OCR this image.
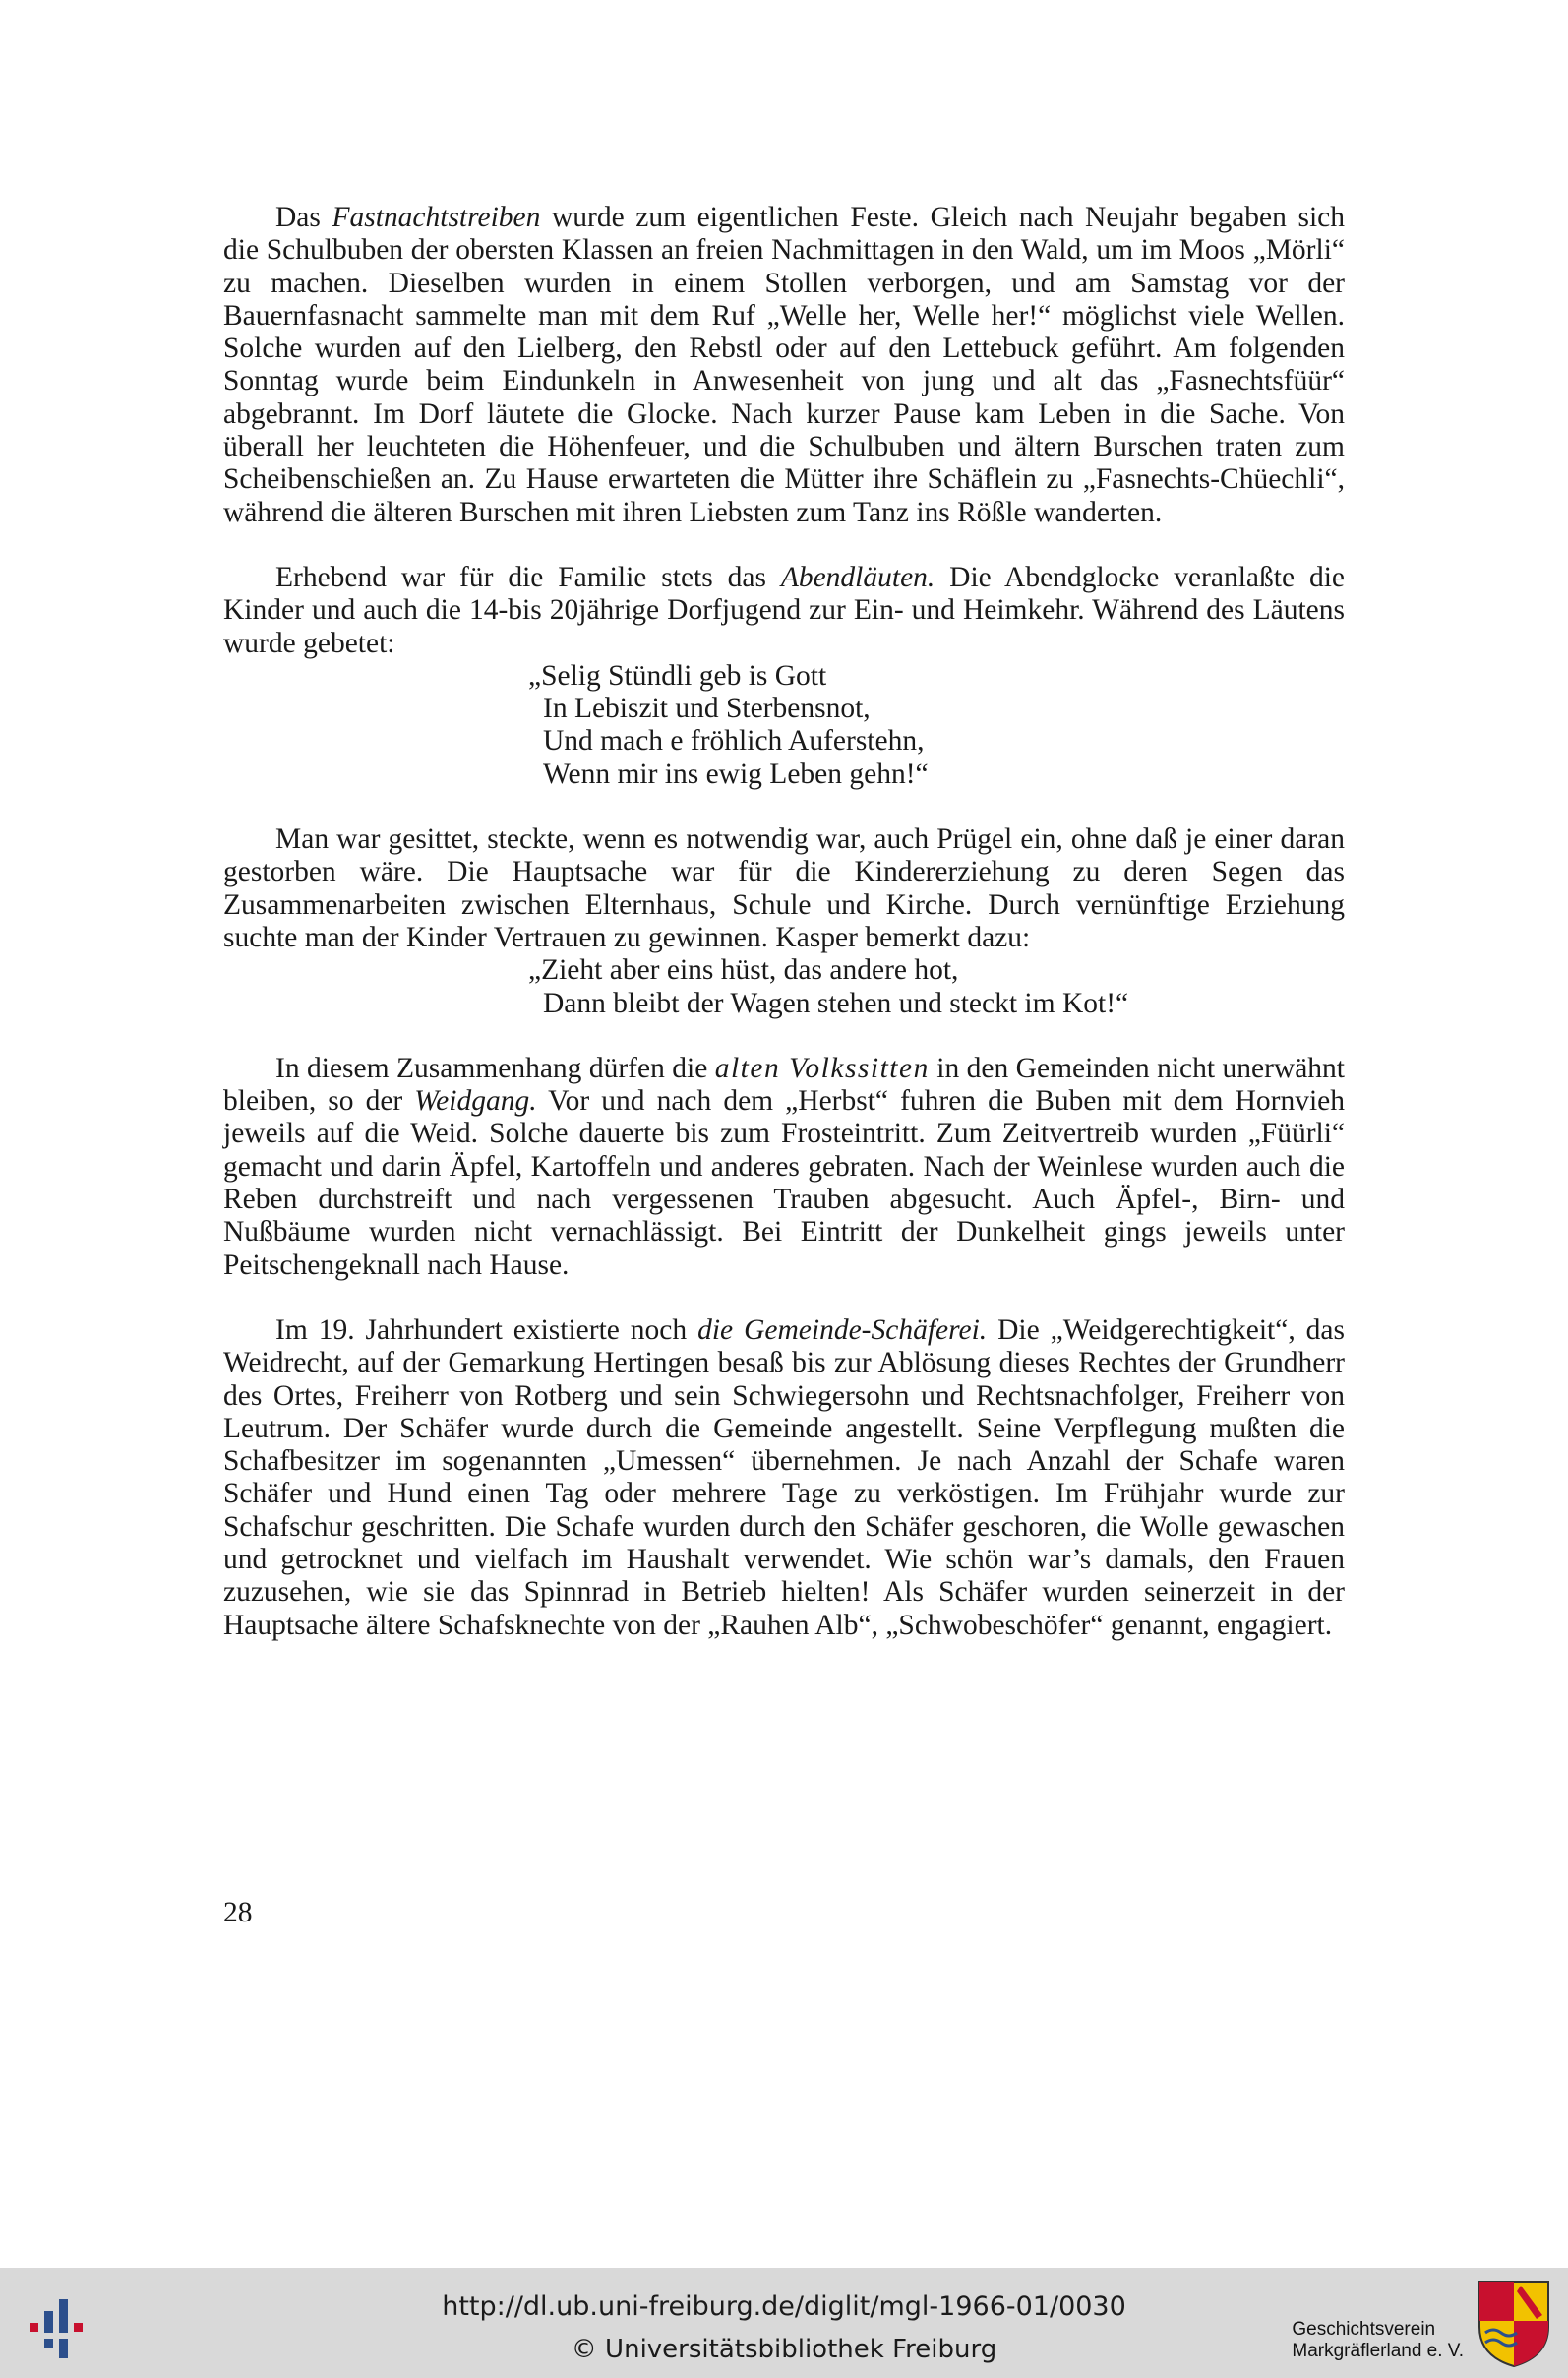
Das Fastnachtstreiben wurde zum eigentlichen Feste. Gleich nach Neujahr begaben sich die Schulbuben der obersten Klassen an freien Nachmittagen in den Wald, um im Moos „Mörli“ zu machen. Dieselben wurden in einem Stollen verborgen, und am Samstag vor der Bauernfasnacht sammelte man mit dem Ruf „Welle her, Welle her!“ möglichst viele Wellen. Solche wurden auf den Lielberg, den Rebstl oder auf den Lettebuck geführt. Am folgenden Sonntag wurde beim Eindunkeln in Anwesenheit von jung und alt das „Fasnechtsfüür“ abgebrannt. Im Dorf läutete die Glocke. Nach kurzer Pause kam Leben in die Sache. Von überall her leuchteten die Höhenfeuer, und die Schulbuben und ältern Burschen traten zum Scheibenschießen an. Zu Hause erwarteten die Mütter ihre Schäflein zu „Fasnechts-Chüechli“, während die älteren Burschen mit ihren Liebsten zum Tanz ins Rößle wanderten.

Erhebend war für die Familie stets das Abendläuten. Die Abendglocke veranlaßte die Kinder und auch die 14-bis 20jährige Dorfjugend zur Ein- und Heimkehr. Während des Läutens wurde gebetet:

„Selig Stündli geb is Gott
In Lebiszit und Sterbensnot,
Und mach e fröhlich Auferstehn,
Wenn mir ins ewig Leben gehn!“

Man war gesittet, steckte, wenn es notwendig war, auch Prügel ein, ohne daß je einer daran gestorben wäre. Die Hauptsache war für die Kindererziehung zu deren Segen das Zusammenarbeiten zwischen Elternhaus, Schule und Kirche. Durch vernünftige Erziehung suchte man der Kinder Vertrauen zu gewinnen. Kasper bemerkt dazu:

„Zieht aber eins hüst, das andere hot,
Dann bleibt der Wagen stehen und steckt im Kot!“

In diesem Zusammenhang dürfen die alten Volkssitten in den Gemeinden nicht unerwähnt bleiben, so der Weidgang. Vor und nach dem „Herbst“ fuhren die Buben mit dem Hornvieh jeweils auf die Weid. Solche dauerte bis zum Frosteintritt. Zum Zeitvertreib wurden „Füürli“ gemacht und darin Äpfel, Kartoffeln und anderes gebraten. Nach der Weinlese wurden auch die Reben durchstreift und nach vergessenen Trauben abgesucht. Auch Äpfel-, Birn- und Nußbäume wurden nicht vernachlässigt. Bei Eintritt der Dunkelheit gings jeweils unter Peitschengeknall nach Hause.

Im 19. Jahrhundert existierte noch die Gemeinde-Schäferei. Die „Weidgerechtigkeit“, das Weidrecht, auf der Gemarkung Hertingen besaß bis zur Ablösung dieses Rechtes der Grundherr des Ortes, Freiherr von Rotberg und sein Schwiegersohn und Rechtsnachfolger, Freiherr von Leutrum. Der Schäfer wurde durch die Gemeinde angestellt. Seine Verpflegung mußten die Schafbesitzer im sogenannten „Umessen“ übernehmen. Je nach Anzahl der Schafe waren Schäfer und Hund einen Tag oder mehrere Tage zu verköstigen. Im Frühjahr wurde zur Schafschur geschritten. Die Schafe wurden durch den Schäfer geschoren, die Wolle gewaschen und getrocknet und vielfach im Haushalt verwendet. Wie schön war’s damals, den Frauen zuzusehen, wie sie das Spinnrad in Betrieb hielten! Als Schäfer wurden seinerzeit in der Hauptsache ältere Schafsknechte von der „Rauhen Alb“, „Schwobeschöfer“ genannt, engagiert.

28
http://dl.ub.uni-freiburg.de/diglit/mgl-1966-01/0030
© Universitätsbibliothek Freiburg
Geschichtsverein
Markgräflerland e. V.
